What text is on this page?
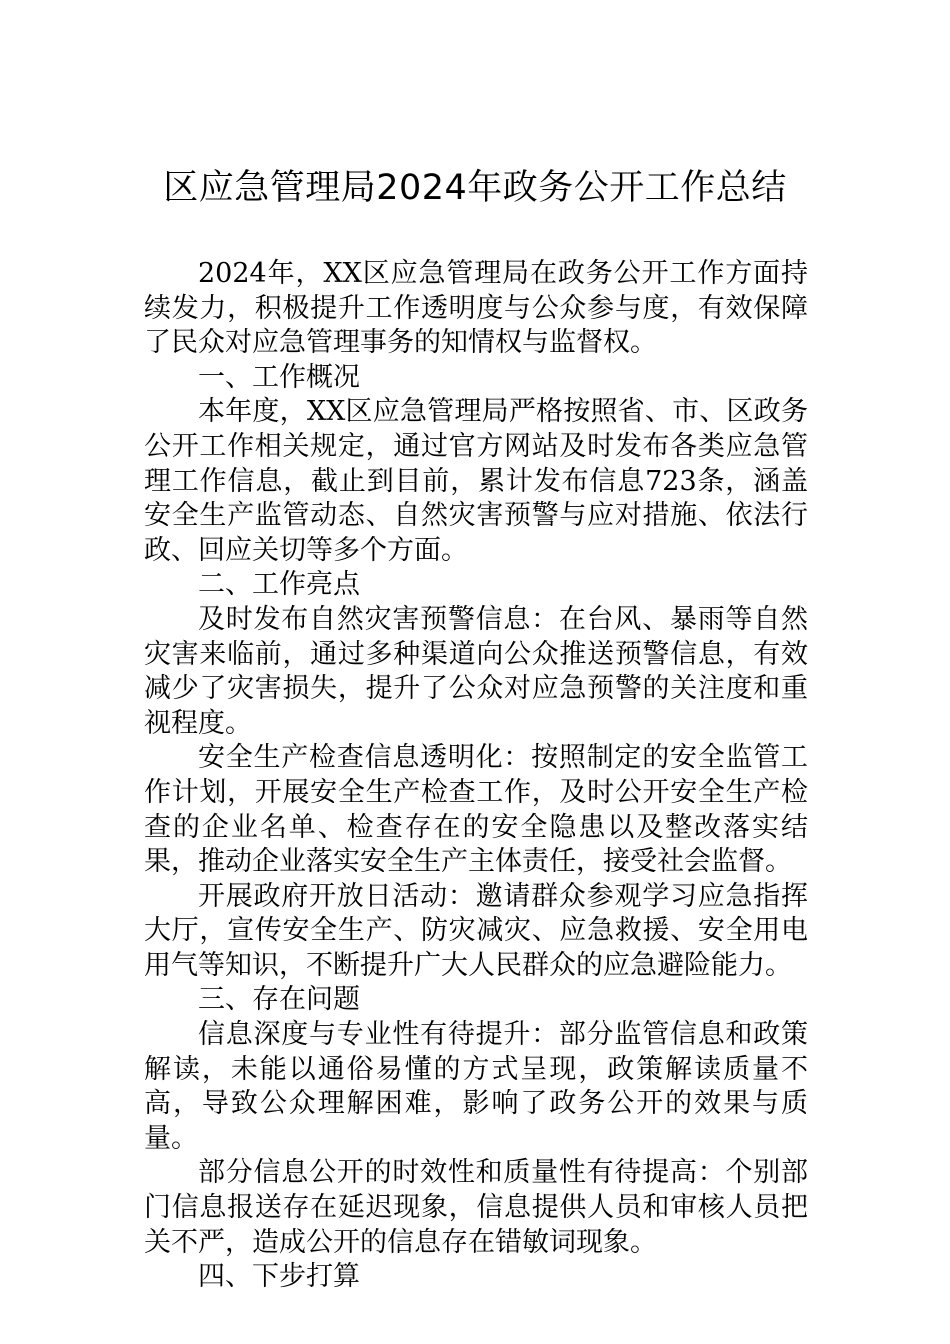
区应急管理局2024年政务公开工作总结

2024年，XX区应急管理局在政务公开工作方面持续发力，积极提升工作透明度与公众参与度，有效保障了民众对应急管理事务的知情权与监督权。

一、工作概况

本年度，XX区应急管理局严格按照省、市、区政务公开工作相关规定，通过官方网站及时发布各类应急管理工作信息，截止到目前，累计发布信息723条，涵盖安全生产监管动态、自然灾害预警与应对措施、依法行政、回应关切等多个方面。

二、工作亮点

及时发布自然灾害预警信息：在台风、暴雨等自然灾害来临前，通过多种渠道向公众推送预警信息，有效减少了灾害损失，提升了公众对应急预警的关注度和重视程度。

安全生产检查信息透明化：按照制定的安全监管工作计划，开展安全生产检查工作，及时公开安全生产检查的企业名单、检查存在的安全隐患以及整改落实结果，推动企业落实安全生产主体责任，接受社会监督。

开展政府开放日活动：邀请群众参观学习应急指挥大厅，宣传安全生产、防灾减灾、应急救援、安全用电用气等知识，不断提升广大人民群众的应急避险能力。

三、存在问题

信息深度与专业性有待提升：部分监管信息和政策解读，未能以通俗易懂的方式呈现，政策解读质量不高，导致公众理解困难，影响了政务公开的效果与质量。

部分信息公开的时效性和质量性有待提高：个别部门信息报送存在延迟现象，信息提供人员和审核人员把关不严，造成公开的信息存在错敏词现象。

四、下步打算
